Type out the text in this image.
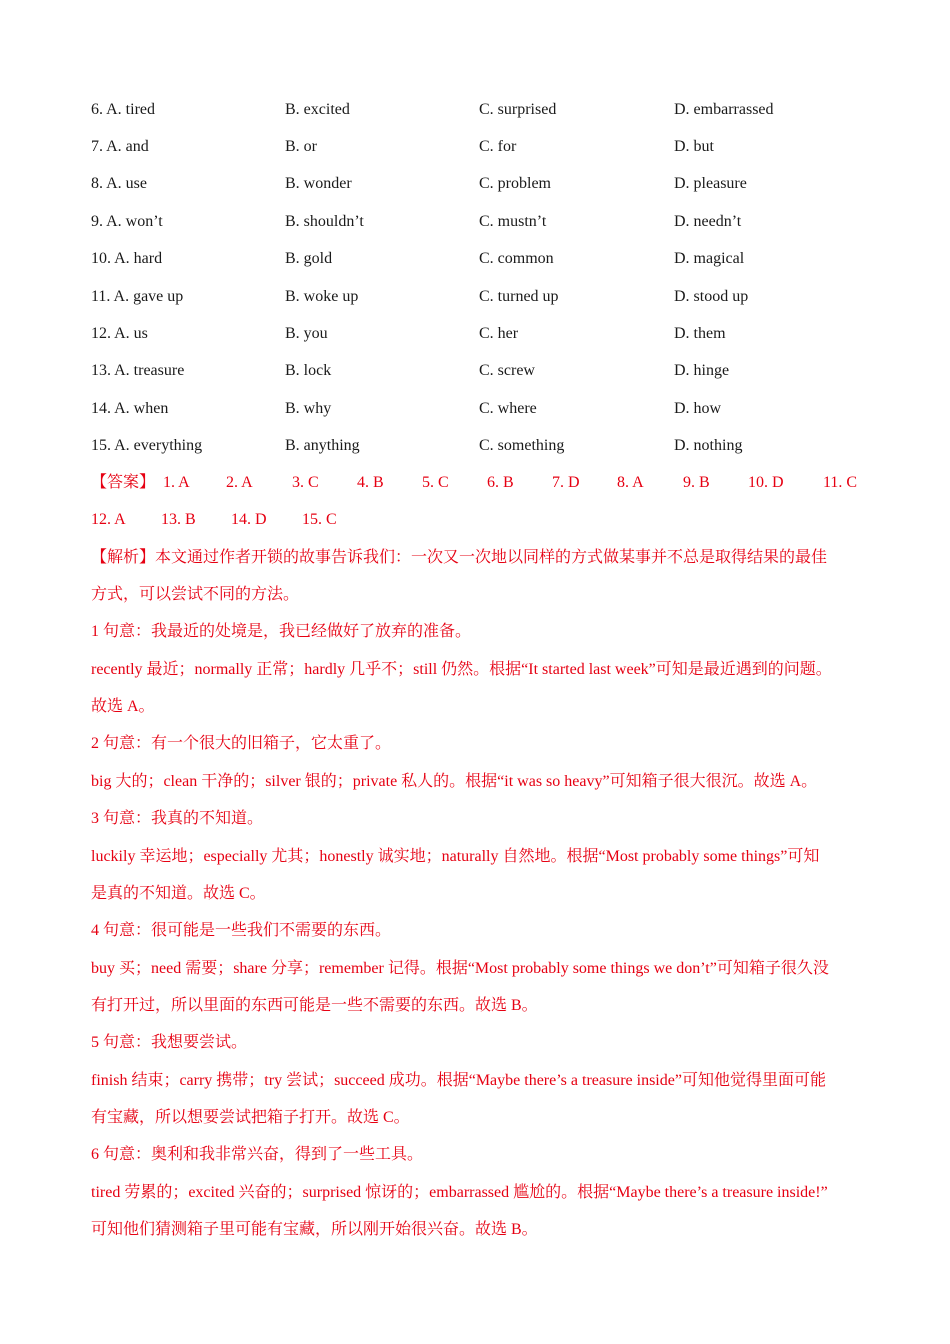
6. A. tired	B. excited	C. surprised	D. embarrassed
7. A. and	B. or	C. for	D. but
8. A. use	B. wonder	C. problem	D. pleasure
9. A. won’t	B. shouldn’t	C. mustn’t	D. needn’t
10. A. hard	B. gold	C. common	D. magical
11. A. gave up	B. woke up	C. turned up	D. stood up
12. A. us	B. you	C. her	D. them
13. A. treasure	B. lock	C. screw	D. hinge
14. A. when	B. why	C. where	D. how
15. A. everything	B. anything	C. something	D. nothing
【答案】 1. A 2. A 3. C 4. B 5. C 6. B 7. D 8. A 9. B 10. D 11. C
12. A 13. B 14. D 15. C
【解析】本文通过作者开锁的故事告诉我们：一次又一次地以同样的方式做某事并不总是取得结果的最佳
方式，可以尝试不同的方法。
1 句意：我最近的处境是，我已经做好了放弃的准备。
recently 最近；normally 正常；hardly 几乎不；still 仍然。根据“It started last week”可知是最近遇到的问题。
故选 A。
2 句意：有一个很大的旧箱子，它太重了。
big 大的；clean 干净的；silver 银的；private 私人的。根据“it was so heavy”可知箱子很大很沉。故选 A。
3 句意：我真的不知道。
luckily 幸运地；especially 尤其；honestly 诚实地；naturally 自然地。根据“Most probably some things”可知
是真的不知道。故选 C。
4 句意：很可能是一些我们不需要的东西。
buy 买；need 需要；share 分享；remember 记得。根据“Most probably some things we don’t”可知箱子很久没
有打开过，所以里面的东西可能是一些不需要的东西。故选 B。
5 句意：我想要尝试。
finish 结束；carry 携带；try 尝试；succeed 成功。根据“Maybe there’s a treasure inside”可知他觉得里面可能
有宝藏，所以想要尝试把箱子打开。故选 C。
6 句意：奥利和我非常兴奋，得到了一些工具。
tired 劳累的；excited 兴奋的；surprised 惊讶的；embarrassed 尴尬的。根据“Maybe there’s a treasure inside!”
可知他们猜测箱子里可能有宝藏，所以刚开始很兴奋。故选 B。
